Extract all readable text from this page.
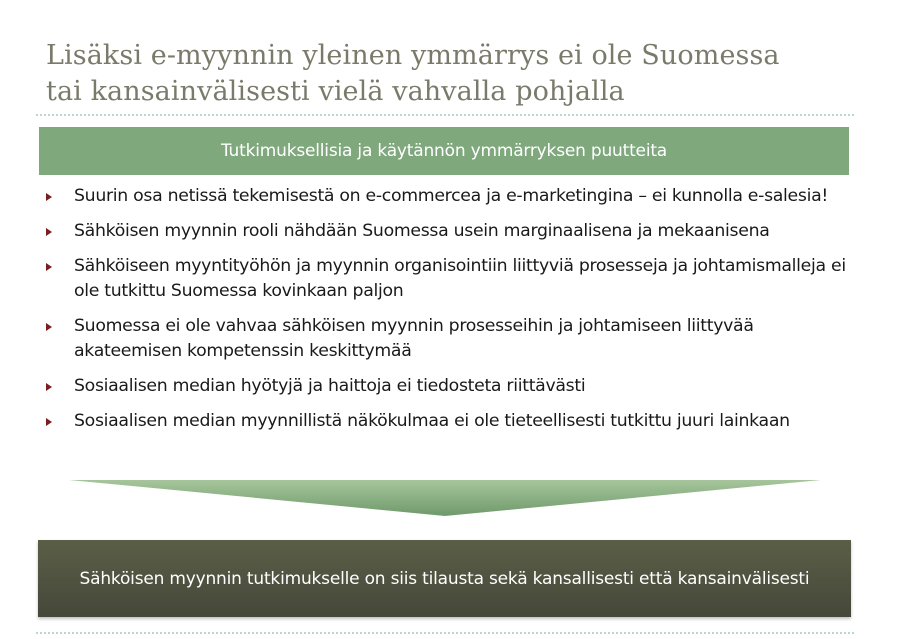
Lisäksi e-myynnin yleinen ymmärrys ei ole Suomessa
tai kansainvälisesti vielä vahvalla pohjalla
Tutkimuksellisia ja käytännön ymmärryksen puutteita
Suurin osa netissä tekemisestä on e-commercea ja e-marketingina – ei kunnolla e-salesia!
Sähköisen myynnin rooli nähdään Suomessa usein marginaalisena ja mekaanisena
Sähköiseen myyntityöhön ja myynnin organisointiin liittyviä prosesseja ja johtamismalleja ei ole tutkittu Suomessa kovinkaan paljon
Suomessa ei ole vahvaa sähköisen myynnin prosesseihin ja johtamiseen liittyvää akateemisen kompetenssin keskittymää
Sosiaalisen median hyötyjä ja haittoja ei tiedosteta riittävästi
Sosiaalisen median myynnillistä näkökulmaa ei ole tieteellisesti tutkittu juuri lainkaan
Sähköisen myynnin tutkimukselle on siis tilausta sekä kansallisesti että kansainvälisesti
